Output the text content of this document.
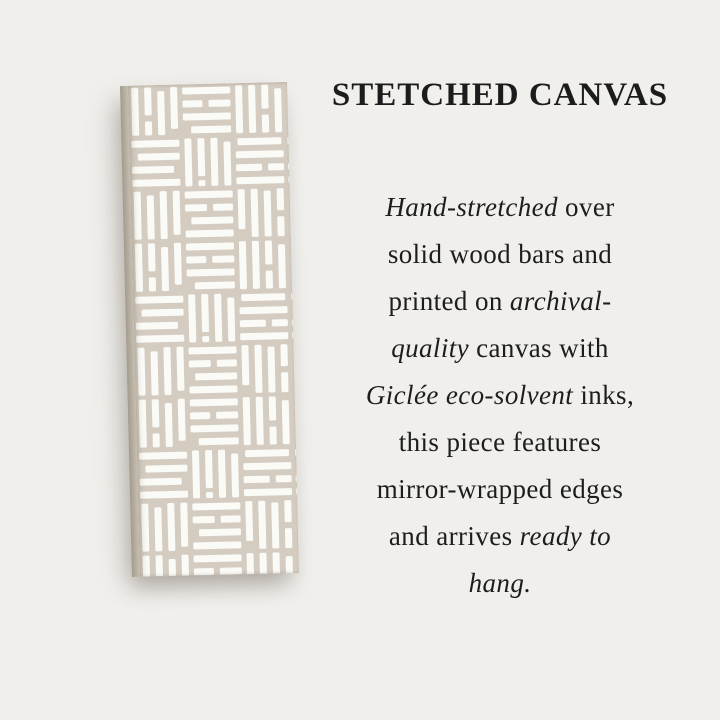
STETCHED CANVAS
Hand-stretched over
solid wood bars and
printed on archival-
quality canvas with
Giclée eco-solvent inks,
this piece features
mirror-wrapped edges
and arrives ready to
hang.
